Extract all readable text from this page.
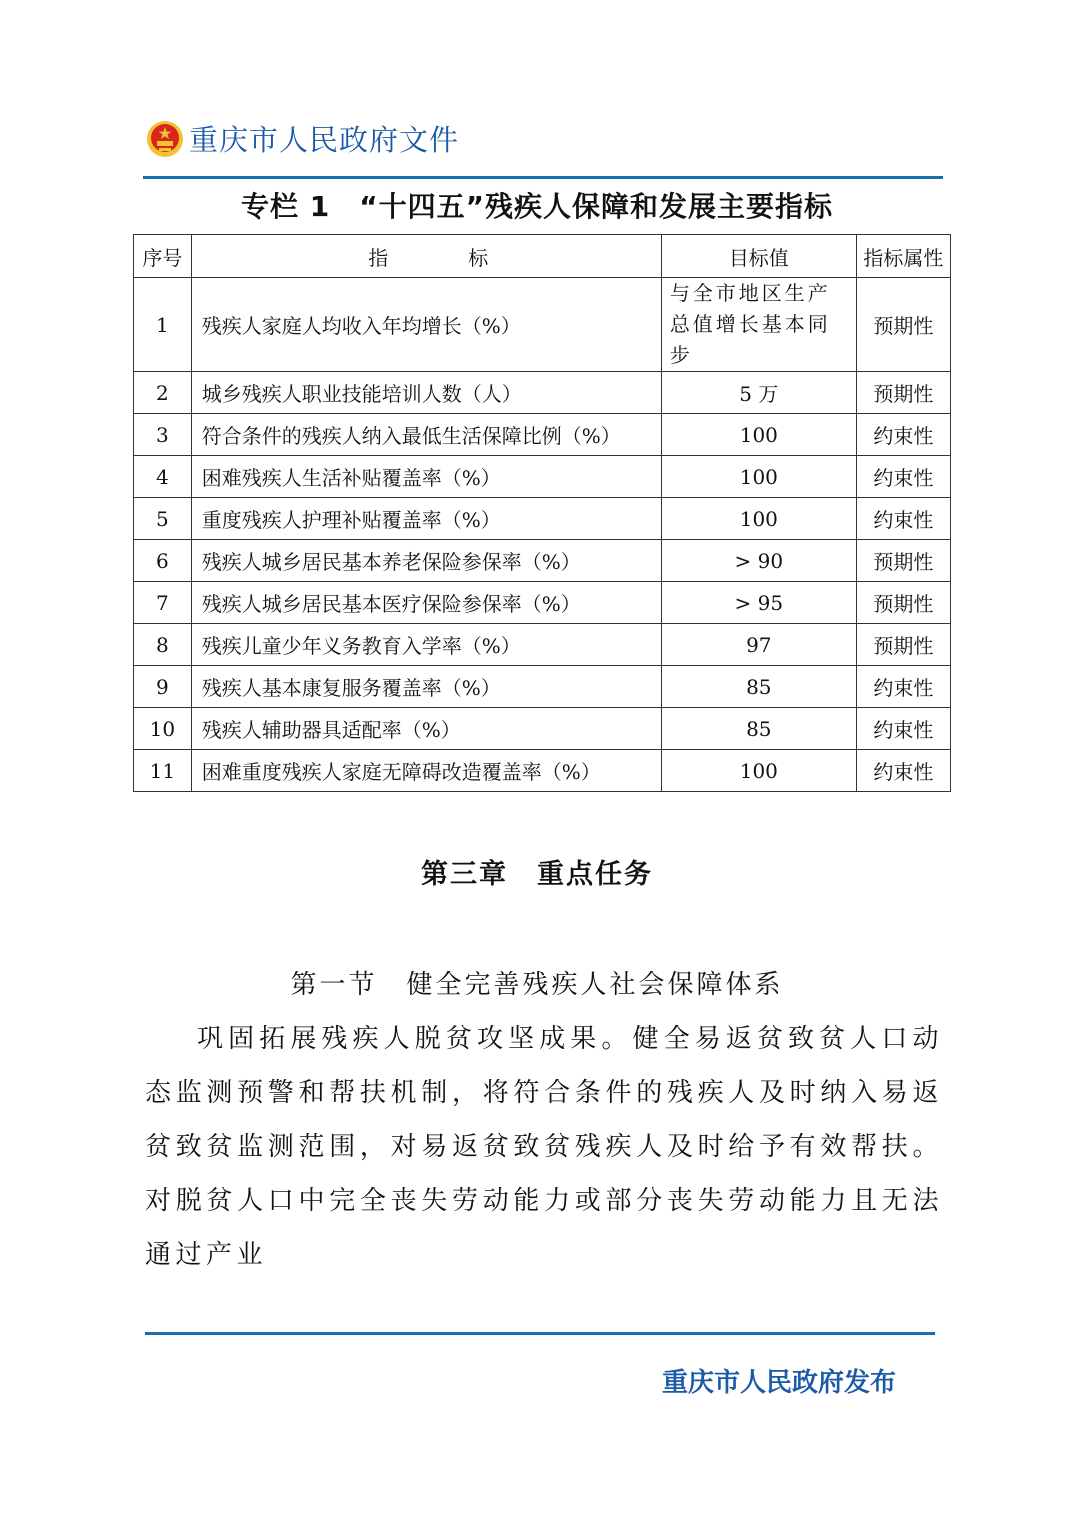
重庆市人民政府文件
专栏 1　“十四五”残疾人保障和发展主要指标
序号	指　　　　标	目标值	指标属性
1	残疾人家庭人均收入年均增长（%）	与全市地区生产总值增长基本同步	预期性
2	城乡残疾人职业技能培训人数（人）	5 万	预期性
3	符合条件的残疾人纳入最低生活保障比例（%）	100	约束性
4	困难残疾人生活补贴覆盖率（%）	100	约束性
5	重度残疾人护理补贴覆盖率（%）	100	约束性
6	残疾人城乡居民基本养老保险参保率（%）	> 90	预期性
7	残疾人城乡居民基本医疗保险参保率（%）	> 95	预期性
8	残疾儿童少年义务教育入学率（%）	97	预期性
9	残疾人基本康复服务覆盖率（%）	85	约束性
10	残疾人辅助器具适配率（%）	85	约束性
11	困难重度残疾人家庭无障碍改造覆盖率（%）	100	约束性
第三章　重点任务
第一节　健全完善残疾人社会保障体系

巩固拓展残疾人脱贫攻坚成果。健全易返贫致贫人口动态监测预警和帮扶机制，将符合条件的残疾人及时纳入易返贫致贫监测范围，对易返贫致贫残疾人及时给予有效帮扶。对脱贫人口中完全丧失劳动能力或部分丧失劳动能力且无法通过产业

重庆市人民政府发布
